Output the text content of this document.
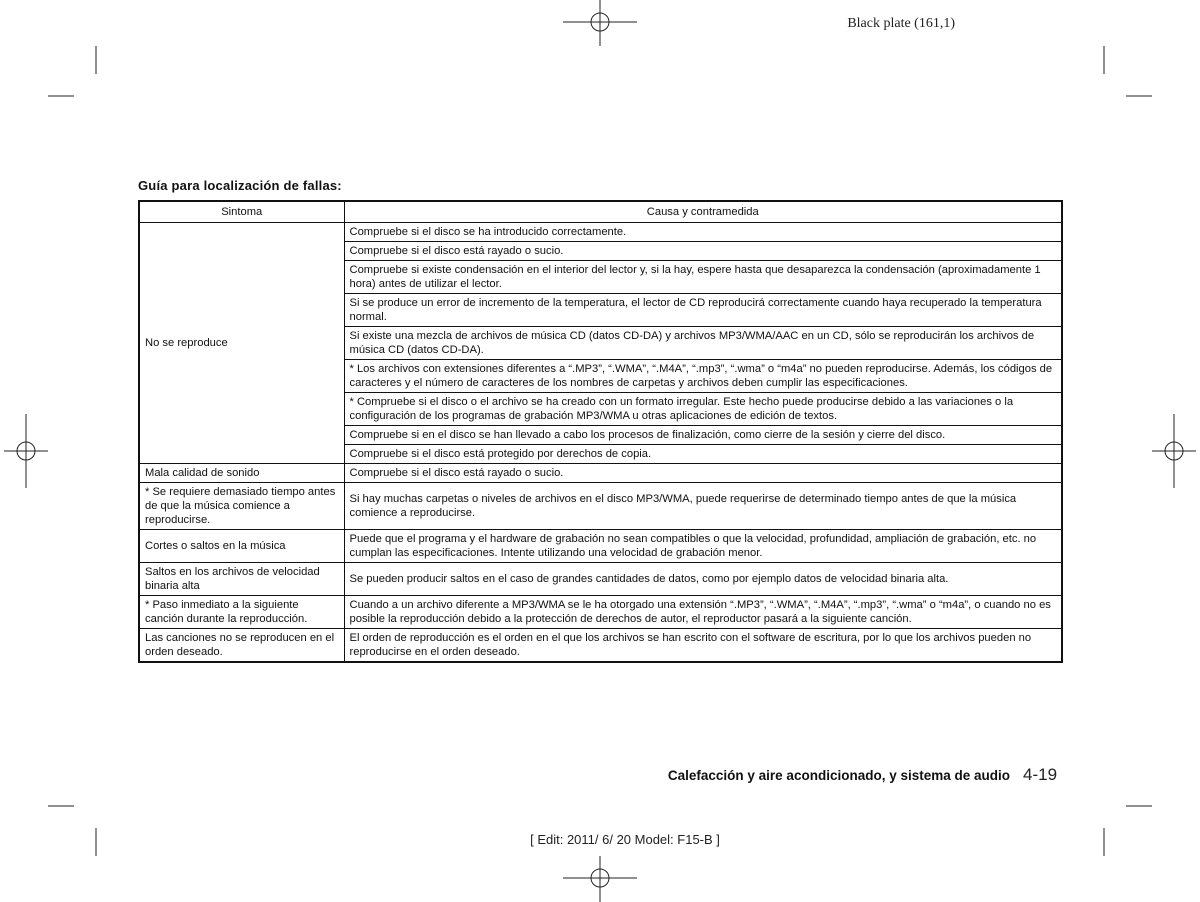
Black plate (161,1)
Guía para localización de fallas:
Sintoma	Causa y contramedida
No se reproduce	Compruebe si el disco se ha introducido correctamente.
	Compruebe si el disco está rayado o sucio.
	Compruebe si existe condensación en el interior del lector y, si la hay, espere hasta que desaparezca la condensación (aproximadamente 1 hora) antes de utilizar el lector.
	Si se produce un error de incremento de la temperatura, el lector de CD reproducirá correctamente cuando haya recuperado la temperatura normal.
	Si existe una mezcla de archivos de música CD (datos CD-DA) y archivos MP3/WMA/AAC en un CD, sólo se reproducirán los archivos de música CD (datos CD-DA).
	* Los archivos con extensiones diferentes a “.MP3”, “.WMA”, “.M4A”, “.mp3”, “.wma” o “m4a” no pueden reproducirse. Además, los códigos de caracteres y el número de caracteres de los nombres de carpetas y archivos deben cumplir las especificaciones.
	* Compruebe si el disco o el archivo se ha creado con un formato irregular. Este hecho puede producirse debido a las variaciones o la configuración de los programas de grabación MP3/WMA u otras aplicaciones de edición de textos.
	Compruebe si en el disco se han llevado a cabo los procesos de finalización, como cierre de la sesión y cierre del disco.
	Compruebe si el disco está protegido por derechos de copia.
Mala calidad de sonido	Compruebe si el disco está rayado o sucio.
* Se requiere demasiado tiempo antes de que la música comience a reproducirse.	Si hay muchas carpetas o niveles de archivos en el disco MP3/WMA, puede requerirse de determinado tiempo antes de que la música comience a reproducirse.
Cortes o saltos en la música	Puede que el programa y el hardware de grabación no sean compatibles o que la velocidad, profundidad, ampliación de grabación, etc. no cumplan las especificaciones. Intente utilizando una velocidad de grabación menor.
Saltos en los archivos de velocidad binaria alta	Se pueden producir saltos en el caso de grandes cantidades de datos, como por ejemplo datos de velocidad binaria alta.
* Paso inmediato a la siguiente canción durante la reproducción.	Cuando a un archivo diferente a MP3/WMA se le ha otorgado una extensión “.MP3”, “.WMA”, “.M4A”, “.mp3”, “.wma” o “m4a”, o cuando no es posible la reproducción debido a la protección de derechos de autor, el reproductor pasará a la siguiente canción.
Las canciones no se reproducen en el orden deseado.	El orden de reproducción es el orden en el que los archivos se han escrito con el software de escritura, por lo que los archivos pueden no reproducirse en el orden deseado.
Calefacción y aire acondicionado, y sistema de audio 4-19
[ Edit: 2011/ 6/ 20 Model: F15-B ]
